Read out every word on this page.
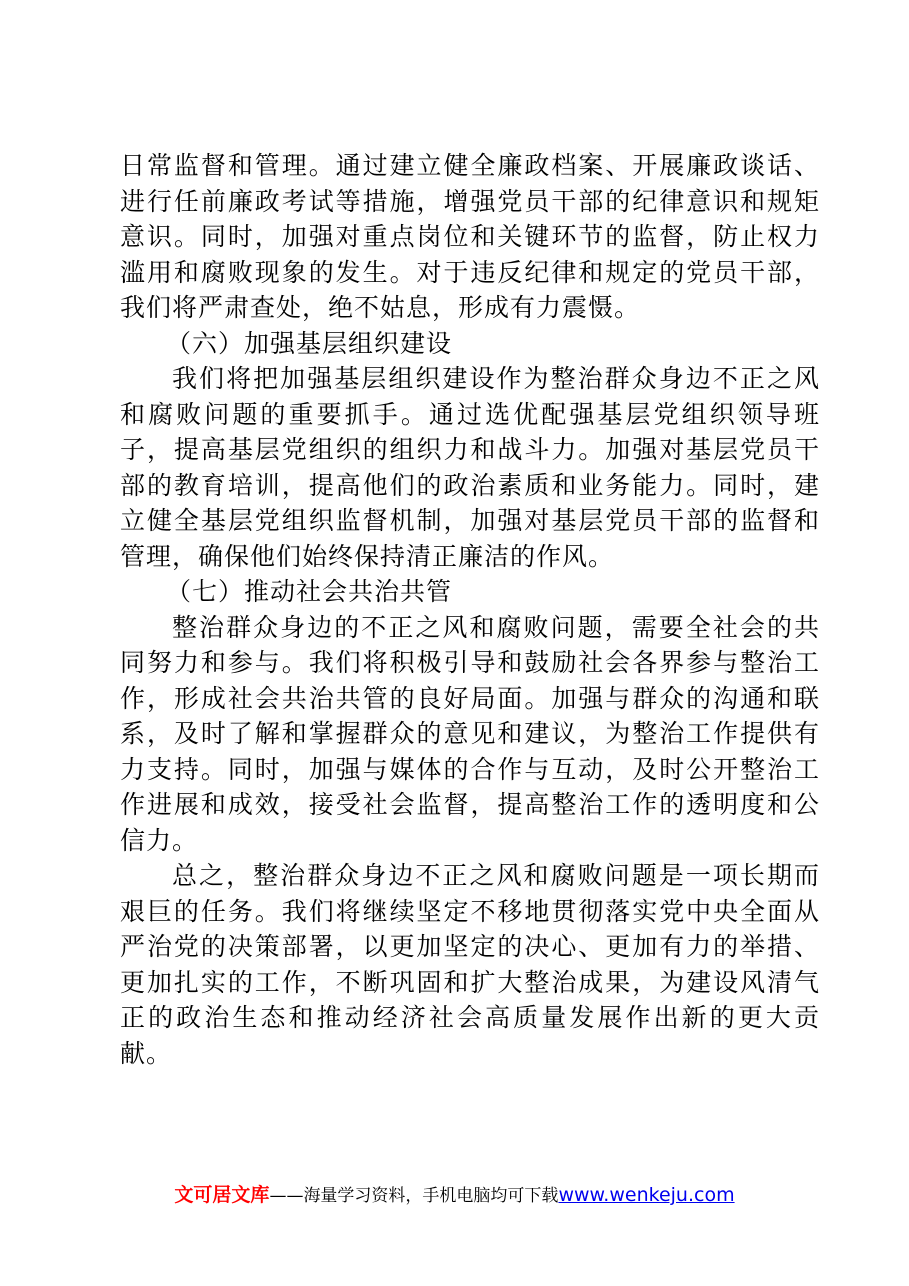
日常监督和管理。通过建立健全廉政档案、开展廉政谈话、进行任前廉政考试等措施，增强党员干部的纪律意识和规矩意识。同时，加强对重点岗位和关键环节的监督，防止权力滥用和腐败现象的发生。对于违反纪律和规定的党员干部，我们将严肃查处，绝不姑息，形成有力震慑。

（六）加强基层组织建设

我们将把加强基层组织建设作为整治群众身边不正之风和腐败问题的重要抓手。通过选优配强基层党组织领导班子，提高基层党组织的组织力和战斗力。加强对基层党员干部的教育培训，提高他们的政治素质和业务能力。同时，建立健全基层党组织监督机制，加强对基层党员干部的监督和管理，确保他们始终保持清正廉洁的作风。

（七）推动社会共治共管

整治群众身边的不正之风和腐败问题，需要全社会的共同努力和参与。我们将积极引导和鼓励社会各界参与整治工作，形成社会共治共管的良好局面。加强与群众的沟通和联系，及时了解和掌握群众的意见和建议，为整治工作提供有力支持。同时，加强与媒体的合作与互动，及时公开整治工作进展和成效，接受社会监督，提高整治工作的透明度和公信力。

总之，整治群众身边不正之风和腐败问题是一项长期而艰巨的任务。我们将继续坚定不移地贯彻落实党中央全面从严治党的决策部署，以更加坚定的决心、更加有力的举措、更加扎实的工作，不断巩固和扩大整治成果，为建设风清气正的政治生态和推动经济社会高质量发展作出新的更大贡献。

文可居文库——海量学习资料，手机电脑均可下载www.wenkeju.com
